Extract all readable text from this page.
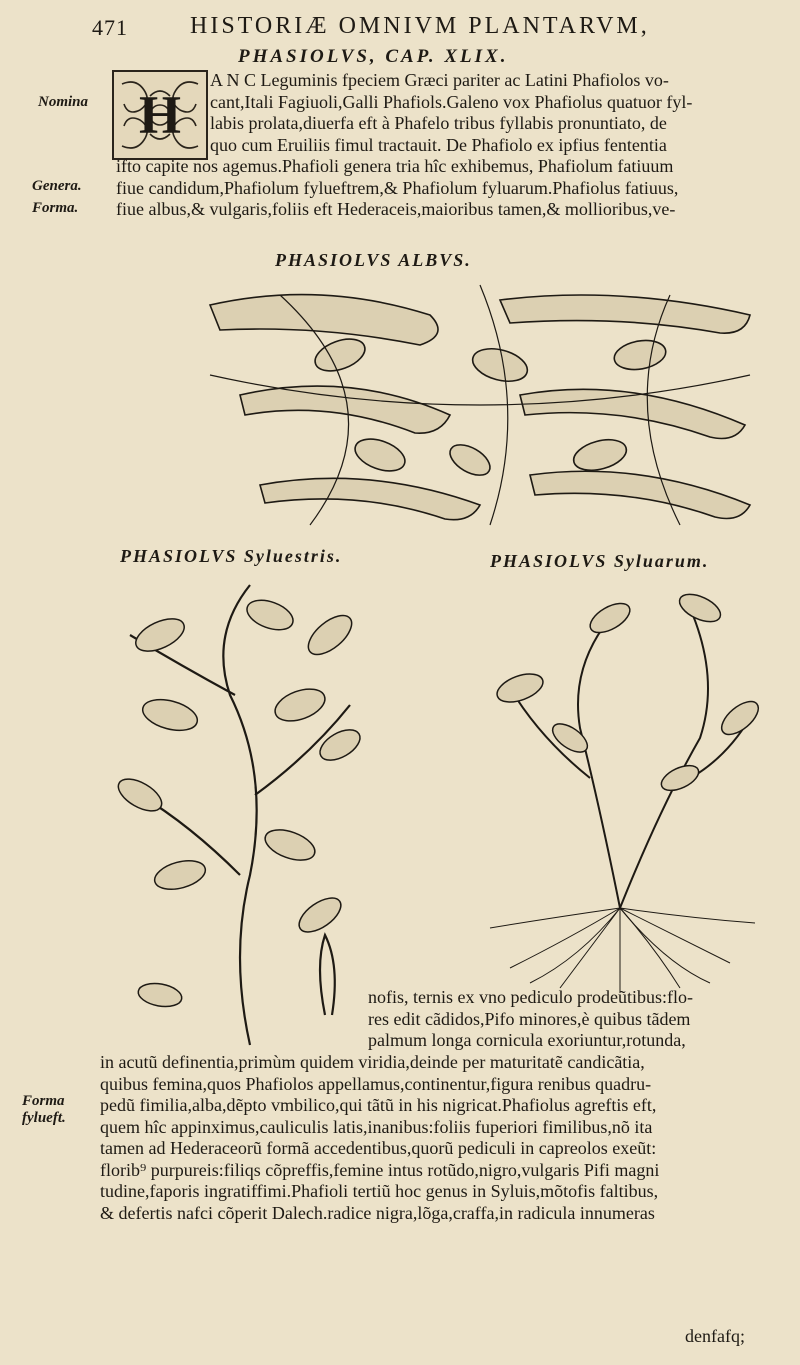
471	HISTORIÆ OMNIVM PLANTARVM,
PHASIOLVS, CAP. XLIX.
H
Nomina
Genera.
Forma.
A N C Leguminis fpeciem Græci pariter ac Latini Phafiolos vo-
cant,Itali Fagiuoli,Galli Phafiols.Galeno vox Phafiolus quatuor fyl-
labis prolata,diuerfa eft à Phafelo tribus fyllabis pronuntiato, de
quo cum Eruiliis fimul tractauit. De Phafiolo ex ipfius fententia
ifto capite nos agemus.Phafioli genera tria hîc exhibemus, Phafiolum fatiuum
fiue candidum,Phafiolum fylueftrem,& Phafiolum fyluarum.Phafiolus fatiuus,
fiue albus,& vulgaris,foliis eft Hederaceis,maioribus tamen,& mollioribus,ve-
PHASIOLVS ALBVS.
PHASIOLVS Syluestris.	PHASIOLVS Syluarum.
nofis, ternis ex vno pediculo prodeũtibus:flo-
res edit cãdidos,Pifo minores,è quibus tãdem
palmum longa cornicula exoriuntur,rotunda,
Forma
fylueft.
in acutũ definentia,primùm quidem viridia,deinde per maturitatẽ candicãtia,
quibus femina,quos Phafiolos appellamus,continentur,figura renibus quadru-
pedũ fimilia,alba,dẽpto vmbilico,qui tãtũ in his nigricat.Phafiolus agreftis eft,
quem hîc appinximus,cauliculis latis,inanibus:foliis fuperiori fimilibus,nõ ita
tamen ad Hederaceorũ formã accedentibus,quorũ pediculi in capreolos exeũt:
florib⁹ purpureis:filiqs cõpreffis,femine intus rotũdo,nigro,vulgaris Pifi magni
tudine,faporis ingratiffimi.Phafioli tertiũ hoc genus in Syluis,mõtofis faltibus,
& defertis nafci cõperit Dalech.radice nigra,lõga,craffa,in radicula innumeras
denfafq;
